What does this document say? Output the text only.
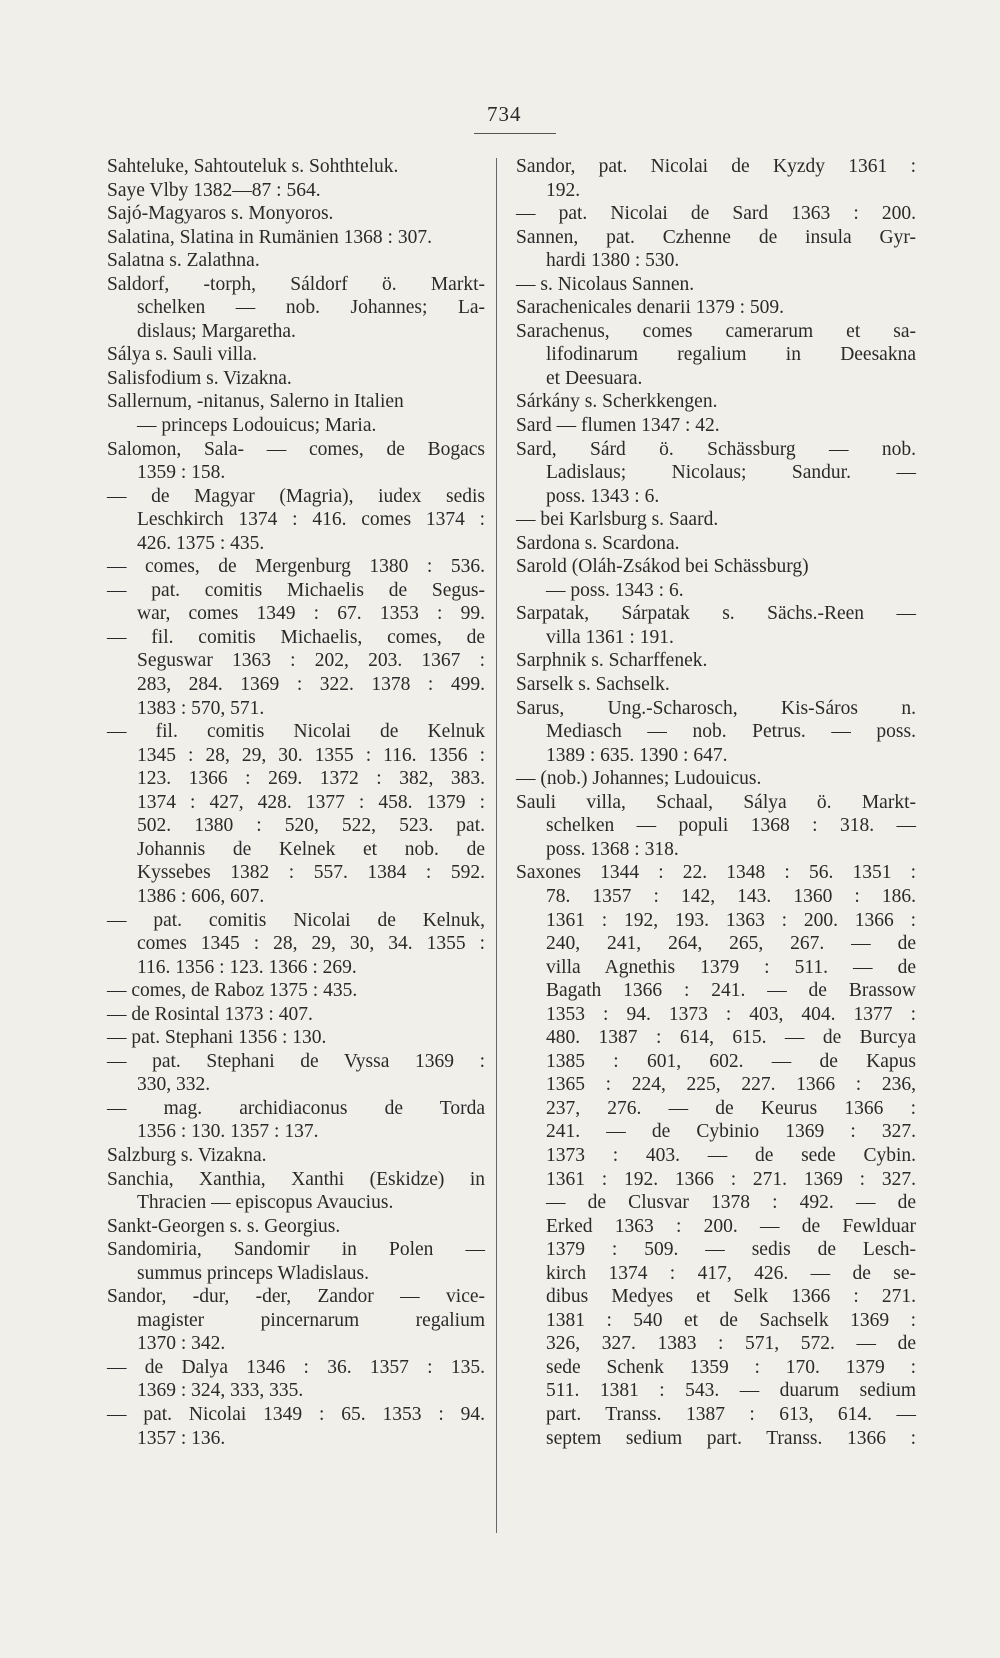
734
Sahteluke, Sahtouteluk s. Sohthteluk.
Saye Vlby 1382—87 : 564.
Sajó-Magyaros s. Monyoros.
Salatina, Slatina in Rumänien 1368 : 307.
Salatna s. Zalathna.
Saldorf, -torph, Sáldorf ö. Markt-
schelken — nob. Johannes; La-
dislaus; Margaretha.
Sálya s. Sauli villa.
Salisfodium s. Vizakna.
Sallernum, -nitanus, Salerno in Italien
— princeps Lodouicus; Maria.
Salomon, Sala- — comes, de Bogacs
1359 : 158.
— de Magyar (Magria), iudex sedis
Leschkirch 1374 : 416. comes 1374 :
426. 1375 : 435.
— comes, de Mergenburg 1380 : 536.
— pat. comitis Michaelis de Segus-
war, comes 1349 : 67. 1353 : 99.
— fil. comitis Michaelis, comes, de
Seguswar 1363 : 202, 203. 1367 :
283, 284. 1369 : 322. 1378 : 499.
1383 : 570, 571.
— fil. comitis Nicolai de Kelnuk
1345 : 28, 29, 30. 1355 : 116. 1356 :
123. 1366 : 269. 1372 : 382, 383.
1374 : 427, 428. 1377 : 458. 1379 :
502. 1380 : 520, 522, 523. pat.
Johannis de Kelnek et nob. de
Kyssebes 1382 : 557. 1384 : 592.
1386 : 606, 607.
— pat. comitis Nicolai de Kelnuk,
comes 1345 : 28, 29, 30, 34. 1355 :
116. 1356 : 123. 1366 : 269.
— comes, de Raboz 1375 : 435.
— de Rosintal 1373 : 407.
— pat. Stephani 1356 : 130.
— pat. Stephani de Vyssa 1369 :
330, 332.
— mag. archidiaconus de Torda
1356 : 130. 1357 : 137.
Salzburg s. Vizakna.
Sanchia, Xanthia, Xanthi (Eskidze) in
Thracien — episcopus Avaucius.
Sankt-Georgen s. s. Georgius.
Sandomiria, Sandomir in Polen —
summus princeps Wladislaus.
Sandor, -dur, -der, Zandor — vice-
magister pincernarum regalium
1370 : 342.
— de Dalya 1346 : 36. 1357 : 135.
1369 : 324, 333, 335.
— pat. Nicolai 1349 : 65. 1353 : 94.
1357 : 136.
Sandor, pat. Nicolai de Kyzdy 1361 :
192.
— pat. Nicolai de Sard 1363 : 200.
Sannen, pat. Czhenne de insula Gyr-
hardi 1380 : 530.
— s. Nicolaus Sannen.
Sarachenicales denarii 1379 : 509.
Sarachenus, comes camerarum et sa-
lifodinarum regalium in Deesakna
et Deesuara.
Sárkány s. Scherkkengen.
Sard — flumen 1347 : 42.
Sard, Sárd ö. Schässburg — nob.
Ladislaus; Nicolaus; Sandur. —
poss. 1343 : 6.
— bei Karlsburg s. Saard.
Sardona s. Scardona.
Sarold (Oláh-Zsákod bei Schässburg)
— poss. 1343 : 6.
Sarpatak, Sárpatak s. Sächs.-Reen —
villa 1361 : 191.
Sarphnik s. Scharffenek.
Sarselk s. Sachselk.
Sarus, Ung.-Scharosch, Kis-Sáros n.
Mediasch — nob. Petrus. — poss.
1389 : 635. 1390 : 647.
— (nob.) Johannes; Ludouicus.
Sauli villa, Schaal, Sálya ö. Markt-
schelken — populi 1368 : 318. —
poss. 1368 : 318.
Saxones 1344 : 22. 1348 : 56. 1351 :
78. 1357 : 142, 143. 1360 : 186.
1361 : 192, 193. 1363 : 200. 1366 :
240, 241, 264, 265, 267. — de
villa Agnethis 1379 : 511. — de
Bagath 1366 : 241. — de Brassow
1353 : 94. 1373 : 403, 404. 1377 :
480. 1387 : 614, 615. — de Burcya
1385 : 601, 602. — de Kapus
1365 : 224, 225, 227. 1366 : 236,
237, 276. — de Keurus 1366 :
241. — de Cybinio 1369 : 327.
1373 : 403. — de sede Cybin.
1361 : 192. 1366 : 271. 1369 : 327.
— de Clusvar 1378 : 492. — de
Erked 1363 : 200. — de Fewlduar
1379 : 509. — sedis de Lesch-
kirch 1374 : 417, 426. — de se-
dibus Medyes et Selk 1366 : 271.
1381 : 540 et de Sachselk 1369 :
326, 327. 1383 : 571, 572. — de
sede Schenk 1359 : 170. 1379 :
511. 1381 : 543. — duarum sedium
part. Transs. 1387 : 613, 614. —
septem sedium part. Transs. 1366 :
